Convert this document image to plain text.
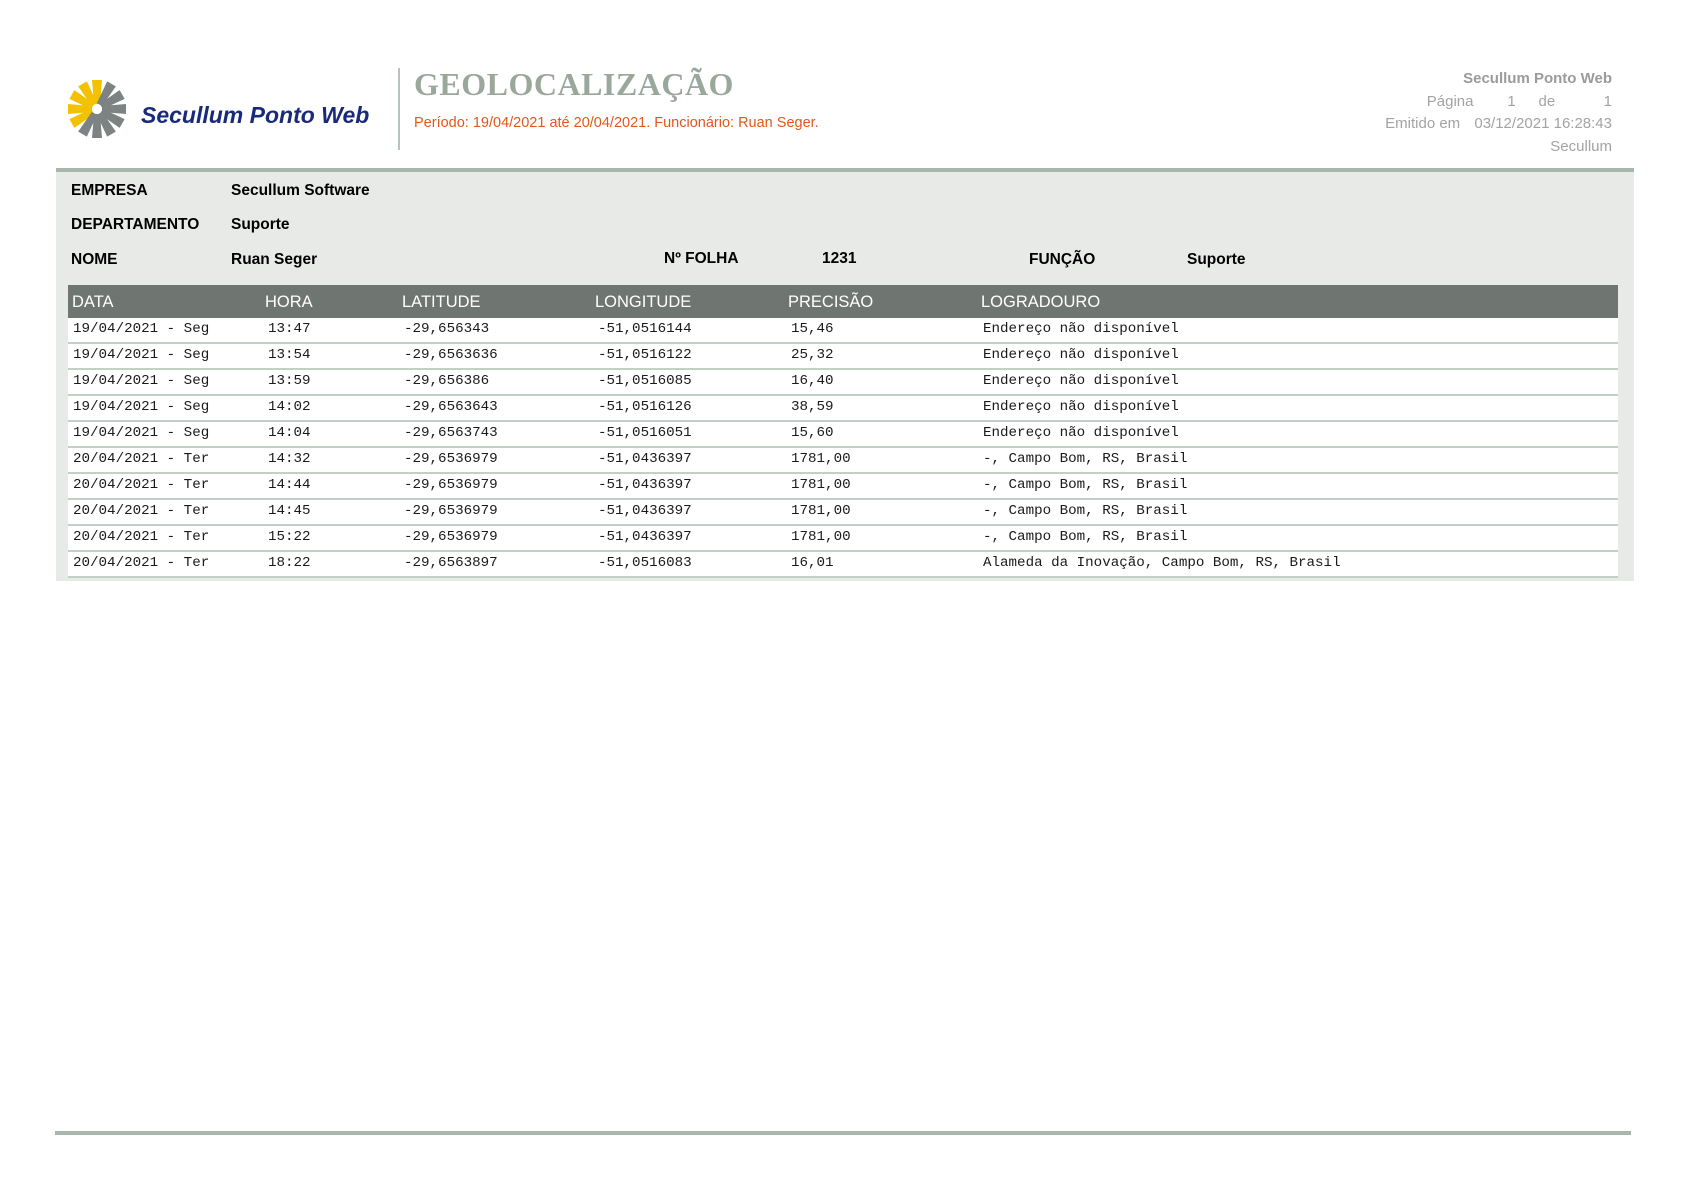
Secullum Ponto Web
GEOLOCALIZAÇÃO
Período: 19/04/2021 até 20/04/2021. Funcionário: Ruan Seger.
Secullum Ponto Web
Página 1 de	1
Emitido em 03/12/2021 16:28:43
Secullum
EMPRESA	Secullum Software
DEPARTAMENTO Suporte
NOME	Ruan Seger	Nº FOLHA	1231	FUNÇÃO	Suporte
DATA	HORA	LATITUDE	LONGITUDE	PRECISÃO	LOGRADOURO
19/04/2021 - Seg	13:47	-29,656343	-51,0516144	15,46	Endereço não disponível
19/04/2021 - Seg	13:54	-29,6563636	-51,0516122	25,32	Endereço não disponível
19/04/2021 - Seg	13:59	-29,656386	-51,0516085	16,40	Endereço não disponível
19/04/2021 - Seg	14:02	-29,6563643	-51,0516126	38,59	Endereço não disponível
19/04/2021 - Seg	14:04	-29,6563743	-51,0516051	15,60	Endereço não disponível
20/04/2021 - Ter	14:32	-29,6536979	-51,0436397	1781,00	-, Campo Bom, RS, Brasil
20/04/2021 - Ter	14:44	-29,6536979	-51,0436397	1781,00	-, Campo Bom, RS, Brasil
20/04/2021 - Ter	14:45	-29,6536979	-51,0436397	1781,00	-, Campo Bom, RS, Brasil
20/04/2021 - Ter	15:22	-29,6536979	-51,0436397	1781,00	-, Campo Bom, RS, Brasil
20/04/2021 - Ter	18:22	-29,6563897	-51,0516083	16,01	Alameda da Inovação, Campo Bom, RS, Brasil
